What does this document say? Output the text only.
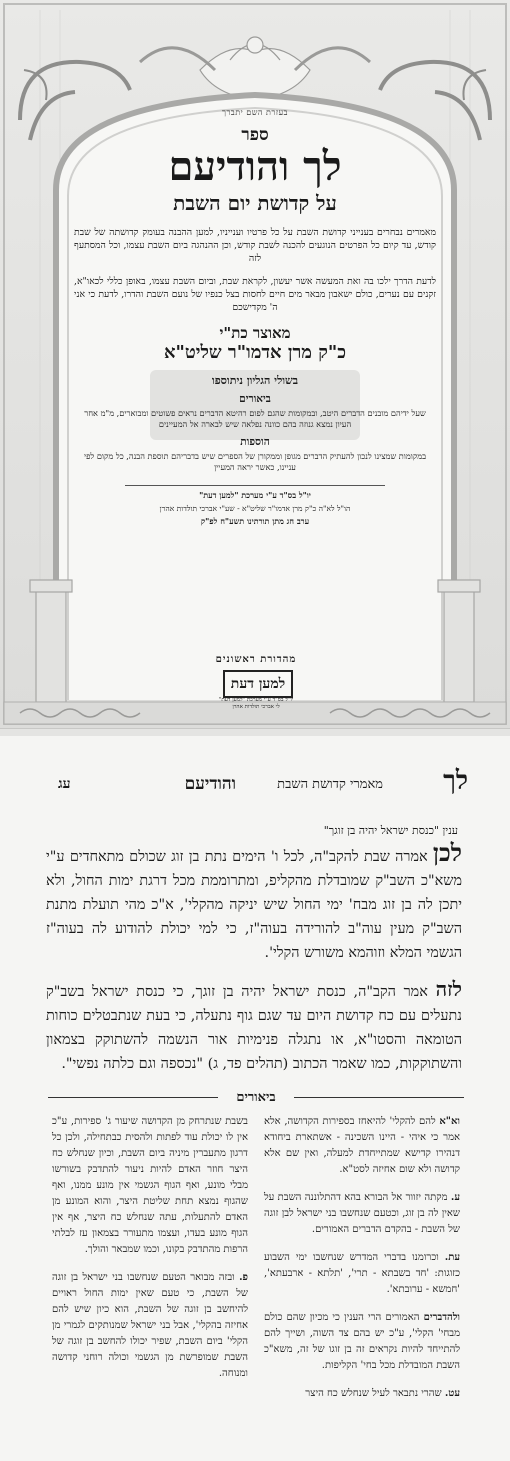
בעזרת השם יתברך
ספר
לך והודיעם
על קדושת יום השבת
מאמרים נבחרים בענייני קדושת השבת על כל פרטיו וענייניו, למען ההבנה בעומק קדושתה של שבת קודש, עד קיום כל הפרטים הנוגעים להכנה לשבת קודש, וכן ההנהגה ביום השבת עצמו, וכל המסתעף לזה
לדעת הדרך ילכו בה ואת המעשה אשר יעשון, לקראת שבת, וביום השבת עצמו, באופן כללי לכאו"א, זקנים עם נערים, כולם ישאבון מבאר מים חיים לחסות בצל כנפיו של נועם השבת והדרו, לדעת כי אני ה' מקדישכם
מאוצר כת"י
כ"ק מרן אדמו"ר שליט"א
בשולי הגליון ניתוספו
ביאורים
שעל ידיהם מובנים הדברים היטב, ובמקומות שהגם לפום רהיטא הדברים נראים פשוטים ומבוארים, מ"מ אחר העיון נמצא גנוזה בהם כוונה נפלאה שיש לבארה אל המעיינים
הוספות
במקומות שמצינו לנכון להעתיק הדברים מגופן וממקורן של הספרים שיש בדבריהם תוספת הבנה, כל מקום לפי עניינו, כאשר יראה המעיין
יו"ל בס"ד ע"י מערכת "למען דעת"
הו"ל לא"ה כ"ק מרן אדמו"ר שליט"א - שע"י אברכי תולדות אהרן
ערב חג מתן תורתינו תשע"ח לפ"ק
מהדורת ראשונים
למען דעת
יו"ל בס"ד ע"י מערכת "למען דעת"
לי אברכי תולדות אהרן
לך
מאמרי קדושת השבת
והודיעם
עג
ענין "כנסת ישראל יהיה בן זוגך"

לכן אמרה שבת להקב"ה, לכל ו' הימים נתת בן זוג שכולם מתאחדים ע"י משא"כ השב"ק שמובדלת מהקליפ, ומתרוממת מכל דרגת ימות החול, ולא יתכן לה בן זוג מבח' ימי החול שיש יניקה מהקלי', א"כ מהי תועלת מתנת השב"ק מעין עוה"ב להורידה בעוה"ז, כי למי יכולת להודוע לה בעוה"ז הגשמי המלא וזוהמא משורש הקלי'.

לזה אמר הקב"ה, כנסת ישראל יהיה בן זוגך, כי כנסת ישראל בשב"ק נתעלים עם כח קדושת היום עד שגם גוף נתעלה, כי בעת שנתבטלים כוחות הטומאה והסטו"א, או נתגלה פנימיות אור הנשמה להשתוקק בצמאון והשתוקקות, כמו שאמר הכתוב (תהלים פד, ג) "נכספה וגם כלתה נפשי".

ביאורים

וא"א להם להקלי' להיאחז בספירות הקדושה, אלא אמר כי איהי - היינו השכינה - אשתארת ביחודא דנהירו קדישא שמתייחדת למעלה, ואין שם אלא קדושה ולא שום אחיזה לסט"א.

ע. מקתה יזוור אל הבורא בהא דהתלוננה השבת על שאין לה בן זוג, וכטעם שנחשבו בני ישראל לבן זוגה של השבת - בהקדם הדברים האמורים.

עת. וכרומנו בדברי המדרש שנחשבו ימי השבוע כזוגות: 'חד בשבתא - תרי', 'תלתא - ארבעתא', 'חמשא - ערובתא'.

ולהדברים האמורים הרי הענין כי מכיון שהם כולם מבחי' הקלי', ע"כ יש בהם צד השוה, ושייך להם להתייחד להיות נקראים זה בן זוגו של זה, משא"כ השבת המובדלת מכל בחי' הקליפות.

עט. שהרי נתבאר לעיל שנחלש כח היצר

בשבת שנתרחק מן הקדושה שיעור ג' ספירות, ע"כ אין לו יכולת עוד לפתות ולהסית כבתחילה, ולכן כל דרגון מתעברין מיניה ביום השבת, וכיון שנחלש כח היצר חוזר האדם להיות ניעור להתדבק בשורשו מבלי מונע, ואף הגוף הגשמי אין מונע ממנו, ואף שהגוף נמצא תחת שליטת היצר, והוא המונע מן האדם להתעלות, עתה שנחלש כח היצר, אף אין הגוף מונע בעדו, ועצמו מתעורר בצמאון עז לבלתי הרפות מהתדבק בקונו, וכמו שמבאר והולך.

פ. ובזה מבואר הטעם שנחשבו בני ישראל בן זוגה של השבת, כי טעם שאין ימות החול ראויים להיחשב בן זוגה של השבת, הוא כיון שיש להם אחיזה בהקלי', אבל בני ישראל שמנותקים לגמרי מן הקלי' ביום השבת, שפיר יכולו להחשב בן זוגה של השבת שמופרשת מן הגשמי וכולה רוחני קדושה ומנוחה.
